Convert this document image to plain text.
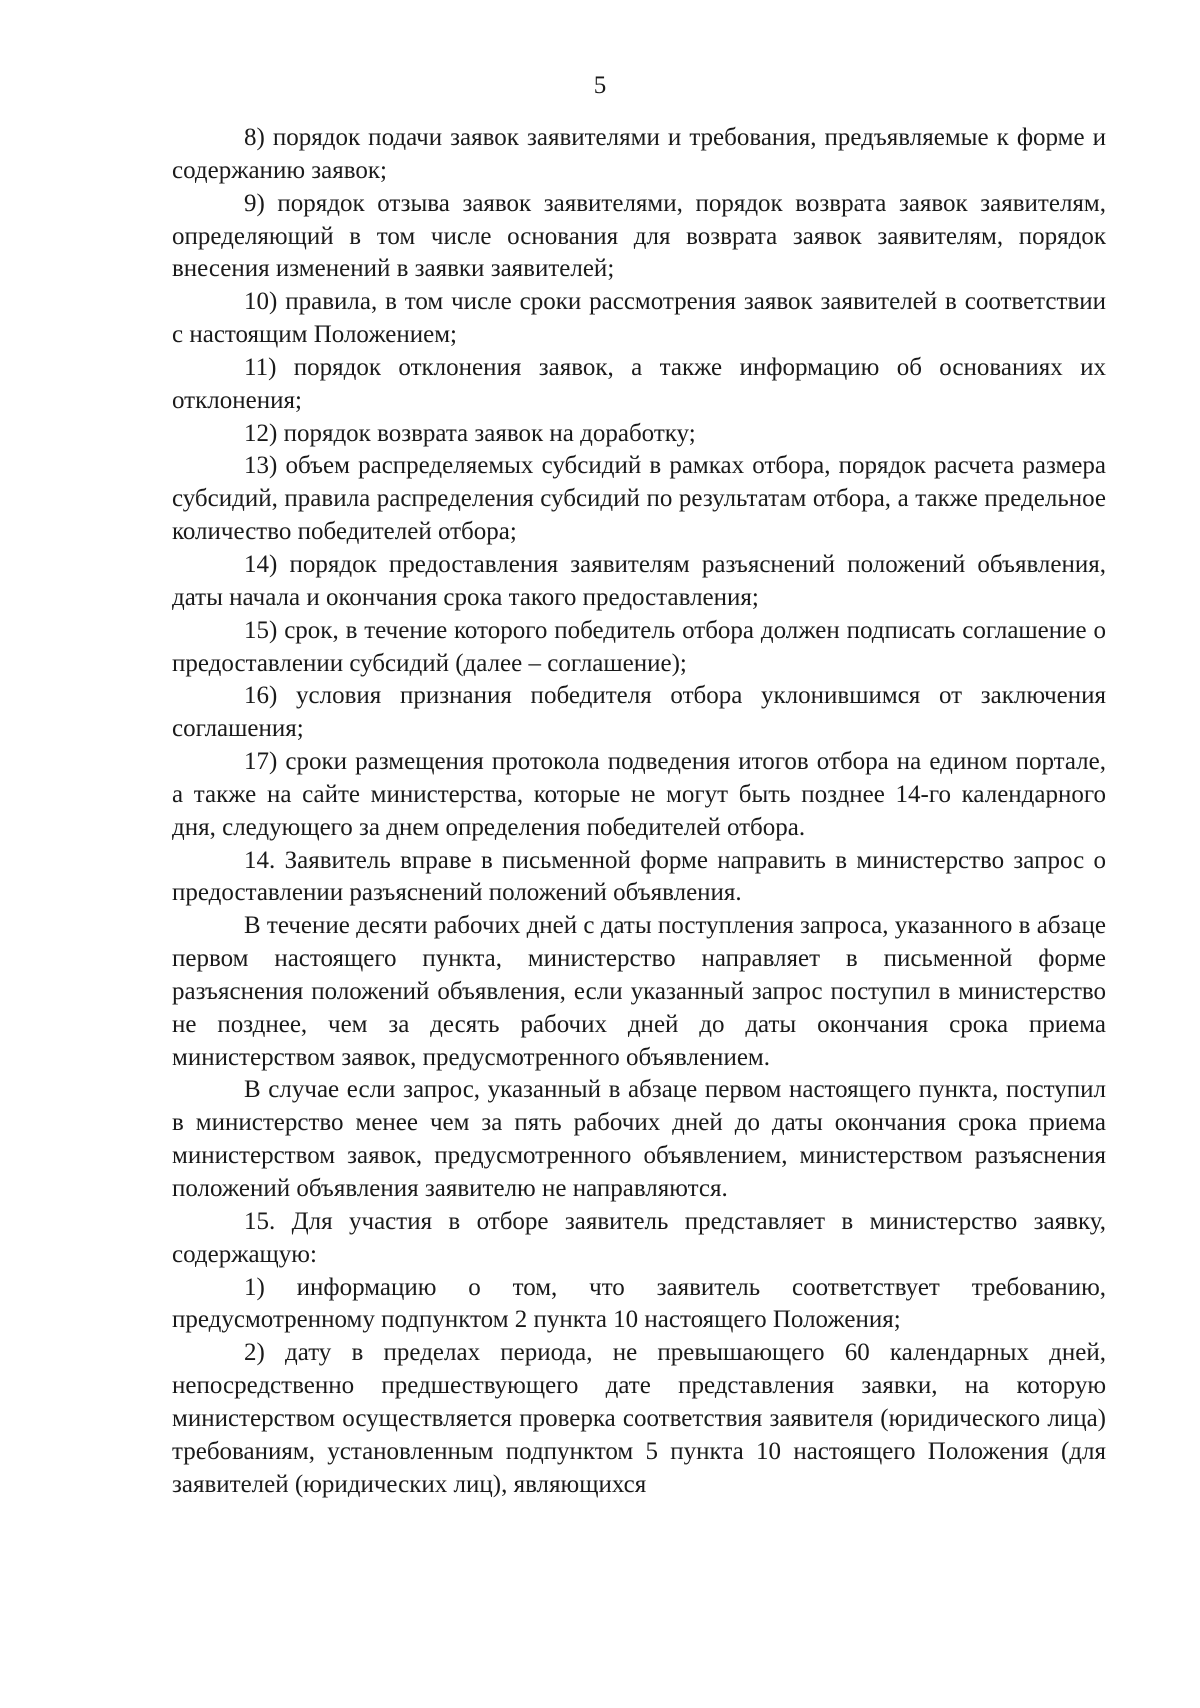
5

8) порядок подачи заявок заявителями и требования, предъявляемые к форме и содержанию заявок;

9) порядок отзыва заявок заявителями, порядок возврата заявок заявителям, определяющий в том числе основания для возврата заявок заявителям, порядок внесения изменений в заявки заявителей;

10) правила, в том числе сроки рассмотрения заявок заявителей в соответствии с настоящим Положением;

11) порядок отклонения заявок, а также информацию об основаниях их отклонения;

12) порядок возврата заявок на доработку;

13) объем распределяемых субсидий в рамках отбора, порядок расчета размера субсидий, правила распределения субсидий по результатам отбора, а также предельное количество победителей отбора;

14) порядок предоставления заявителям разъяснений положений объявления, даты начала и окончания срока такого предоставления;

15) срок, в течение которого победитель отбора должен подписать соглашение о предоставлении субсидий (далее – соглашение);

16) условия признания победителя отбора уклонившимся от заключения соглашения;

17) сроки размещения протокола подведения итогов отбора на едином портале, а также на сайте министерства, которые не могут быть позднее 14-го календарного дня, следующего за днем определения победителей отбора.

14. Заявитель вправе в письменной форме направить в министерство запрос о предоставлении разъяснений положений объявления.

В течение десяти рабочих дней с даты поступления запроса, указанного в абзаце первом настоящего пункта, министерство направляет в письменной форме разъяснения положений объявления, если указанный запрос поступил в министерство не позднее, чем за десять рабочих дней до даты окончания срока приема министерством заявок, предусмотренного объявлением.

В случае если запрос, указанный в абзаце первом настоящего пункта, поступил в министерство менее чем за пять рабочих дней до даты окончания срока приема министерством заявок, предусмотренного объявлением, министерством разъяснения положений объявления заявителю не направляются.

15. Для участия в отборе заявитель представляет в министерство заявку, содержащую:

1) информацию о том, что заявитель соответствует требованию, предусмотренному подпунктом 2 пункта 10 настоящего Положения;

2) дату в пределах периода, не превышающего 60 календарных дней, непосредственно предшествующего дате представления заявки, на которую министерством осуществляется проверка соответствия заявителя (юридического лица) требованиям, установленным подпунктом 5 пункта 10 настоящего Положения (для заявителей (юридических лиц), являющихся
